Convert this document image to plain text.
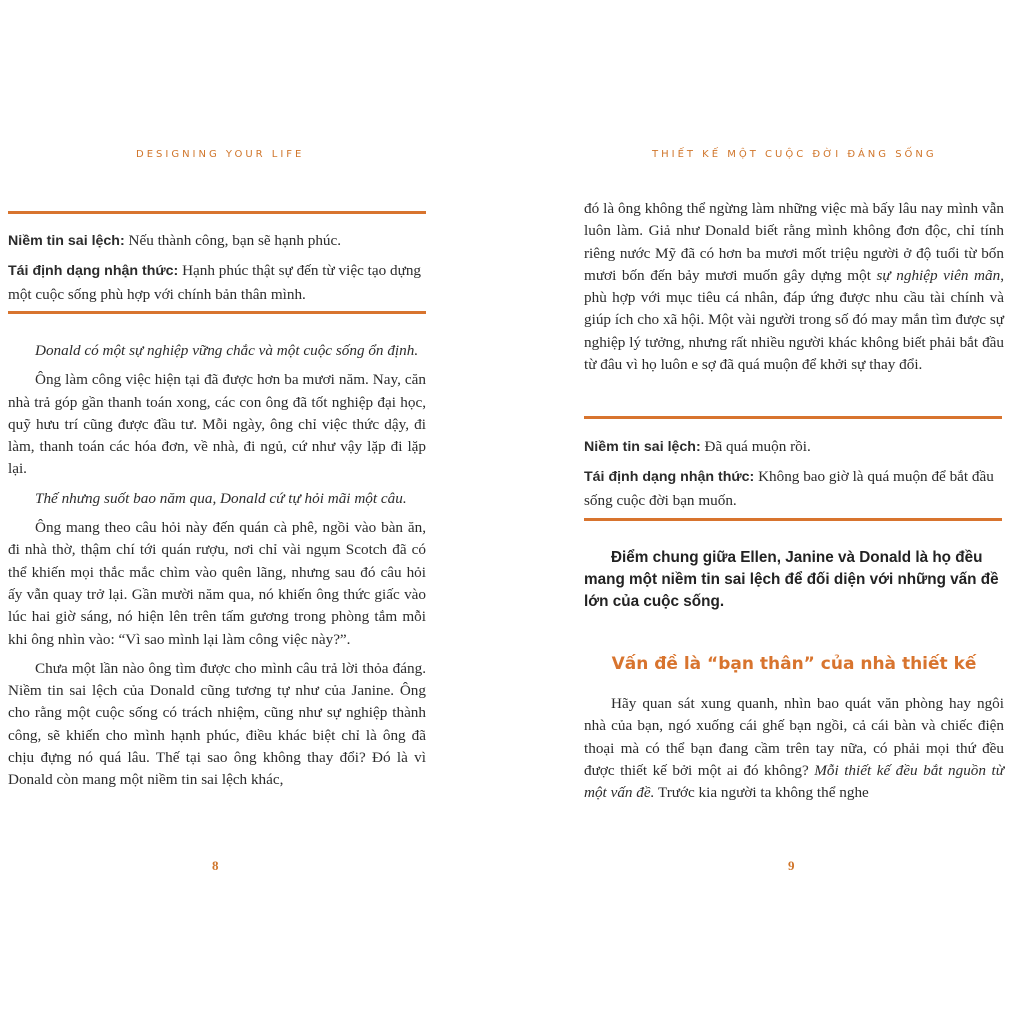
DESIGNING YOUR LIFE

Niềm tin sai lệch: Nếu thành công, bạn sẽ hạnh phúc.

Tái định dạng nhận thức: Hạnh phúc thật sự đến từ việc tạo dựng một cuộc sống phù hợp với chính bản thân mình.

Donald có một sự nghiệp vững chắc và một cuộc sống ổn định.

Ông làm công việc hiện tại đã được hơn ba mươi năm. Nay, căn nhà trả góp gần thanh toán xong, các con ông đã tốt nghiệp đại học, quỹ hưu trí cũng được đầu tư. Mỗi ngày, ông chỉ việc thức dậy, đi làm, thanh toán các hóa đơn, về nhà, đi ngủ, cứ như vậy lặp đi lặp lại.

Thế nhưng suốt bao năm qua, Donald cứ tự hỏi mãi một câu.

Ông mang theo câu hỏi này đến quán cà phê, ngồi vào bàn ăn, đi nhà thờ, thậm chí tới quán rượu, nơi chỉ vài ngụm Scotch đã có thể khiến mọi thắc mắc chìm vào quên lãng, nhưng sau đó câu hỏi ấy vẫn quay trở lại. Gần mười năm qua, nó khiến ông thức giấc vào lúc hai giờ sáng, nó hiện lên trên tấm gương trong phòng tắm mỗi khi ông nhìn vào: “Vì sao mình lại làm công việc này?”.

Chưa một lần nào ông tìm được cho mình câu trả lời thỏa đáng. Niềm tin sai lệch của Donald cũng tương tự như của Janine. Ông cho rằng một cuộc sống có trách nhiệm, cũng như sự nghiệp thành công, sẽ khiến cho mình hạnh phúc, điều khác biệt chỉ là ông đã chịu đựng nó quá lâu. Thế tại sao ông không thay đổi? Đó là vì Donald còn mang một niềm tin sai lệch khác,

8
THIẾT KẾ MỘT CUỘC ĐỜI ĐÁNG SỐNG

đó là ông không thể ngừng làm những việc mà bấy lâu nay mình vẫn luôn làm. Giả như Donald biết rằng mình không đơn độc, chỉ tính riêng nước Mỹ đã có hơn ba mươi mốt triệu người ở độ tuổi từ bốn mươi bốn đến bảy mươi muốn gây dựng một sự nghiệp viên mãn, phù hợp với mục tiêu cá nhân, đáp ứng được nhu cầu tài chính và giúp ích cho xã hội. Một vài người trong số đó may mắn tìm được sự nghiệp lý tưởng, nhưng rất nhiều người khác không biết phải bắt đầu từ đâu vì họ luôn e sợ đã quá muộn để khởi sự thay đổi.

Niềm tin sai lệch: Đã quá muộn rồi.

Tái định dạng nhận thức: Không bao giờ là quá muộn để bắt đầu sống cuộc đời bạn muốn.

Điểm chung giữa Ellen, Janine và Donald là họ đều mang một niềm tin sai lệch để đối diện với những vấn đề lớn của cuộc sống.

Vấn đề là “bạn thân” của nhà thiết kế

Hãy quan sát xung quanh, nhìn bao quát văn phòng hay ngôi nhà của bạn, ngó xuống cái ghế bạn ngồi, cả cái bàn và chiếc điện thoại mà có thể bạn đang cầm trên tay nữa, có phải mọi thứ đều được thiết kế bởi một ai đó không? Mỗi thiết kế đều bắt nguồn từ một vấn đề. Trước kia người ta không thể nghe

9
